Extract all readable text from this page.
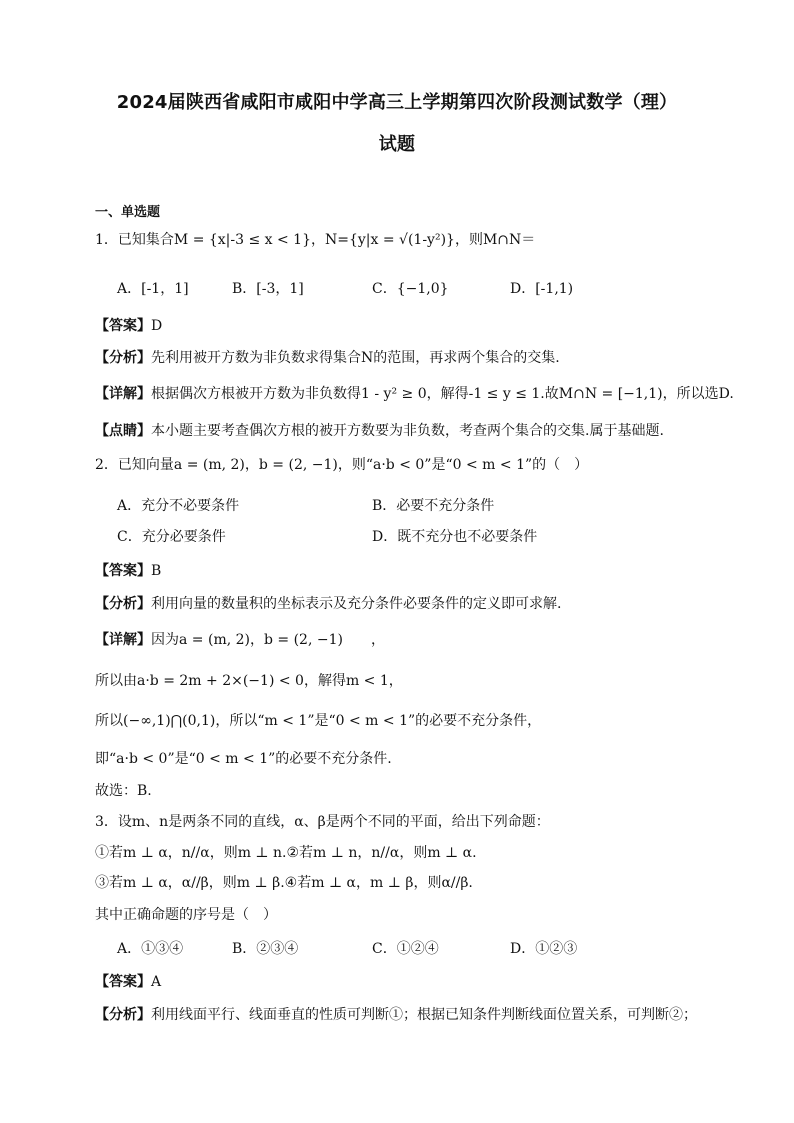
2024届陕西省咸阳市咸阳中学高三上学期第四次阶段测试数学（理）
试题
一、单选题
1．已知集合M = {x|-3 ≤ x < 1}，N={y|x = √(1-y²)}，则M∩N＝
A．[-1，1]	B．[-3，1]	C．{−1,0}	D．[-1,1)
【答案】D
【分析】先利用被开方数为非负数求得集合N的范围，再求两个集合的交集.
【详解】根据偶次方根被开方数为非负数得1 - y² ≥ 0，解得-1 ≤ y ≤ 1.故M∩N = [−1,1)，所以选D.
【点睛】本小题主要考查偶次方根的被开方数要为非负数，考查两个集合的交集.属于基础题.
2．已知向量a = (m, 2)，b = (2, −1)，则“a·b < 0”是“0 < m < 1”的（　）
A．充分不必要条件	B．必要不充分条件
C．充分必要条件	D．既不充分也不必要条件
【答案】B
【分析】利用向量的数量积的坐标表示及充分条件必要条件的定义即可求解.
【详解】因为a = (m, 2)，b = (2, −1)　　，
所以由a·b = 2m + 2×(−1) < 0，解得m < 1，
所以(−∞,1)⋂(0,1)，所以“m < 1”是“0 < m < 1”的必要不充分条件，
即“a·b < 0”是“0 < m < 1”的必要不充分条件.
故选：B.
3．设m、n是两条不同的直线，α、β是两个不同的平面，给出下列命题：
①若m ⊥ α，n//α，则m ⊥ n.②若m ⊥ n，n//α，则m ⊥ α.
③若m ⊥ α，α//β，则m ⊥ β.④若m ⊥ α，m ⊥ β，则α//β.
其中正确命题的序号是（　）
A．①③④	B．②③④	C．①②④	D．①②③
【答案】A
【分析】利用线面平行、线面垂直的性质可判断①；根据已知条件判断线面位置关系，可判断②；
